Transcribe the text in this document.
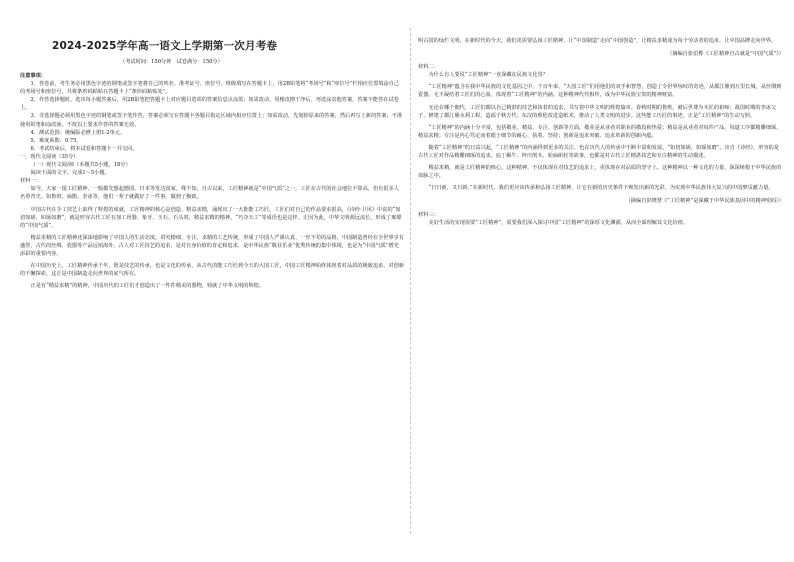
2024-2025学年高一语文上学期第一次月考卷
（考试时间：150分钟　试卷满分：150分）

注意事项：

1．答卷前，考生务必用黑色字迹的钢笔或签字笔将自己的姓名、准考证号、座位号、班级填写在答题卡上，用2B铅笔将“考场号”和“座位号”栏相应位置填涂自己的考场号和座位号，并将条形码粘贴在答题卡上“条形码粘贴处”。

2．作答选择题时，选出每小题答案后，用2B铅笔把答题卡上对应题目选项的答案信息点涂黑；如需改动，用橡皮擦干净后，再选涂其他答案，答案不能答在试卷上。

3．非选择题必须用黑色字迹的钢笔或签字笔作答，答案必须写在答题卡各题目指定区域内相应位置上；如需改动，先划掉原来的答案，然后再写上新的答案；不准使用铅笔和涂改液。不按以上要求作答的答案无效。

4．测试范围：统编版必修上册1-2单元。

5．难度系数：0.75。

6．考试结束后，将本试卷和答题卡一并交回。

一、现代文阅读（35分）

（一）现代文阅读Ⅰ（本题共5小题，18分）

阅读下面的文字，完成1～5小题。

材料一：

如今，大家一提工匠精神，一般都先想起德国、日本等发达国家。殊不知，自古以来，工匠精神就是“中国气质”之一。工匠在古代的社会地位不算高，但有很多人名垂青史。如鲁班、扁鹊、李冰等，他们一辈子就做好了一件事，做到了极致。

中国古代在手工技艺上取得了辉煌的成就，工匠精神的核心是创造、精益求精，涌现出了一大批能工巧匠。工匠们对自己的作品要求很高，《诗经·卫风》中说的“如切如磋，如琢如磨”，就是形容古代工匠在加工骨器、象牙、玉石、石头时，精益求精的精神。“巧夺天工”等成语也是这样。正因为此，中华文明源远流长，形成了璀璨的“中国气质”。

精益求精的工匠精神还深深地影响了中国人的生活态度。讲究精细、专注、求精的工艺传统，形成了中国人严谨认真、一丝不苟的品格。中国制造曾经在全世界享有盛誉，古代的丝绸、瓷器等产品远销海外。古人对工匠技艺的追求，是对自身价值的肯定和追求，是中华民族“敬业乐业”优秀传统的集中体现，也是为“中国气质”增光添彩的重要内容。

在中国历史上，工匠精神传承千年，既是技艺的传承，也是文化的传承。从古代的能工巧匠到今天的大国工匠，中国工匠精神始终体现着对品质的极致追求，对创新的不懈探索，这正是中国制造走向世界的底气所在。

正是有“精益求精”的精神，中国历代的工匠们才创造出了一件件精美的器物，铸就了中华文明的辉煌。

明古国的灿烂文明。在新时代的今天，我们更需要弘扬工匠精神，让“中国制造”走向“中国创造”，让精益求精成为每个劳动者的追求，让中国品牌走向世界。

（摘编自张伯桦《工匠精神自古就是“中国气质”》）

材料二：

为什么有人要说“工匠精神”一直深藏在民族文化里？

“工匠精神”蕴含在我中华民族的文化基因之中。千百年来，“大国工匠”们用他们的双手和智慧，创造了令世界惊叹的奇迹。从都江堰到万里长城，从丝绸到瓷器，无不凝结着工匠们的心血，体现着“工匠精神”的内涵。这种精神代代相传，成为中华民族宝贵的精神财富。

无论在哪个朝代，工匠们都以自己精湛的技艺和执着的追求，书写着中华文明的辉煌篇章。春秋时期的鲁班，被后世尊为木匠的祖师；战国时期的李冰父子，修建了都江堰水利工程，造福千秋万代；东汉的蔡伦改进造纸术，推动了人类文明的进步。这些能工巧匠的事迹，正是“工匠精神”的生动写照。

“工匠精神”的内涵十分丰富，包括敬业、精益、专注、创新等方面。敬业是从业者对职业的敬畏和热爱；精益是从业者对每件产品、每道工序都精雕细琢、精益求精；专注是内心笃定而着眼于细节的耐心、执着、坚持；创新是追求突破、追求革新的创新内蕴。

随着“工匠精神”的日益兴起，“工匠精神”的内涵得到更多的关注，也在历代人的传承中不断丰富和发展。“如切如磋，如琢如磨”，出自《诗经》，形容的是古代工匠对作品精雕细琢的追求。庖丁解牛、梓庆削木、轮扁斫轮等故事，也都是对古代工匠精湛技艺和专注精神的生动描述。

精益求精，就是工匠精神的核心。这种精神，不仅体现在对技艺的追求上，更体现在对品质的坚守上。这种精神以一种文化的力量，深深植根于中华民族的血脉之中。

“日日新，又日新。”在新时代，我们更应该传承和弘扬工匠精神，让它在新的历史条件下焕发出新的光彩，为实现中华民族伟大复兴的中国梦贡献力量。

（摘编自彭晓慧《“工匠精神”是深藏于中华民族基因中的精神密码》）

材料三：

美好生活的实现需要“工匠精神”，需要我们深入探讨中国“工匠精神”的深厚文化渊源，从而全面理解其文化价值。
